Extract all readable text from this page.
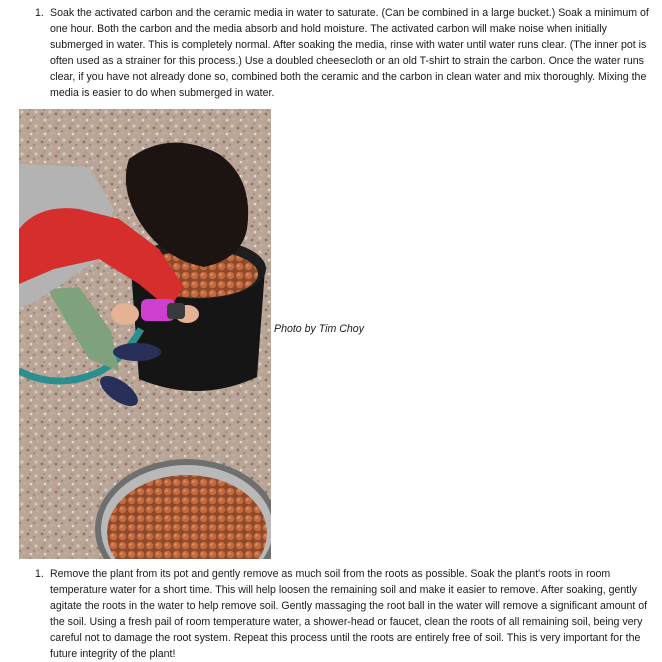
1. Soak the activated carbon and the ceramic media in water to saturate. (Can be combined in a large bucket.) Soak a minimum of one hour. Both the carbon and the media absorb and hold moisture. The activated carbon will make noise when initially submerged in water. This is completely normal. After soaking the media, rinse with water until water runs clear. (The inner pot is often used as a strainer for this process.) Use a doubled cheesecloth or an old T-shirt to strain the carbon. Once the water runs clear, if you have not already done so, combined both the ceramic and the carbon in clean water and mix thoroughly. Mixing the media is easier to do when submerged in water.

Photo by Tim Choy
1. Remove the plant from its pot and gently remove as much soil from the roots as possible. Soak the plant's roots in room temperature water for a short time. This will help loosen the remaining soil and make it easier to remove. After soaking, gently agitate the roots in the water to help remove soil. Gently massaging the root ball in the water will remove a significant amount of the soil. Using a fresh pail of room temperature water, a shower-head or faucet, clean the roots of all remaining soil, being very careful not to damage the root system. Repeat this process until the roots are entirely free of soil. This is very important for the future integrity of the plant!
